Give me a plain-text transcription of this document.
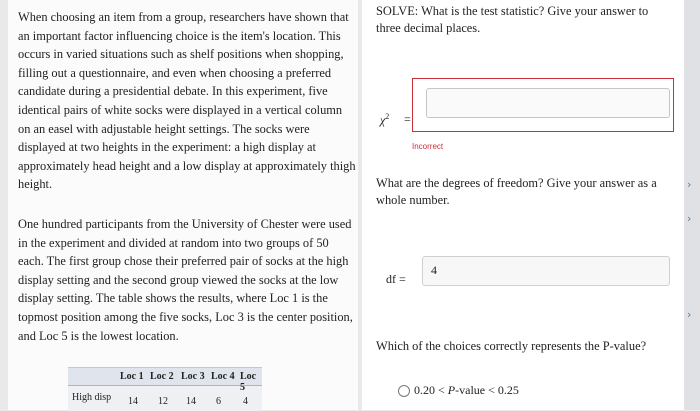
When choosing an item from a group, researchers have shown that an important factor influencing choice is the item's location. This occurs in varied situations such as shelf positions when shopping, filling out a questionnaire, and even when choosing a preferred candidate during a presidential debate. In this experiment, five identical pairs of white socks were displayed in a vertical column on an easel with adjustable height settings. The socks were displayed at two heights in the experiment: a high display at approximately head height and a low display at approximately thigh height.

One hundred participants from the University of Chester were used in the experiment and divided at random into two groups of 50 each. The first group chose their preferred pair of socks at the high display setting and the second group viewed the socks at the low display setting. The table shows the results, where Loc 1 is the topmost position among the five socks, Loc 3 is the center position, and Loc 5 is the lowest location.

Loc 1 Loc 2 Loc 3 Loc 4 Loc 5
High disp 14 12 14 6 4

SOLVE: What is the test statistic? Give your answer to three decimal places.

$\chi^2$ =
Incorrect

What are the degrees of freedom? Give your answer as a whole number.

df =
4

Which of the choices correctly represents the P-value?

0.20 < P-value < 0.25
›
›
›
